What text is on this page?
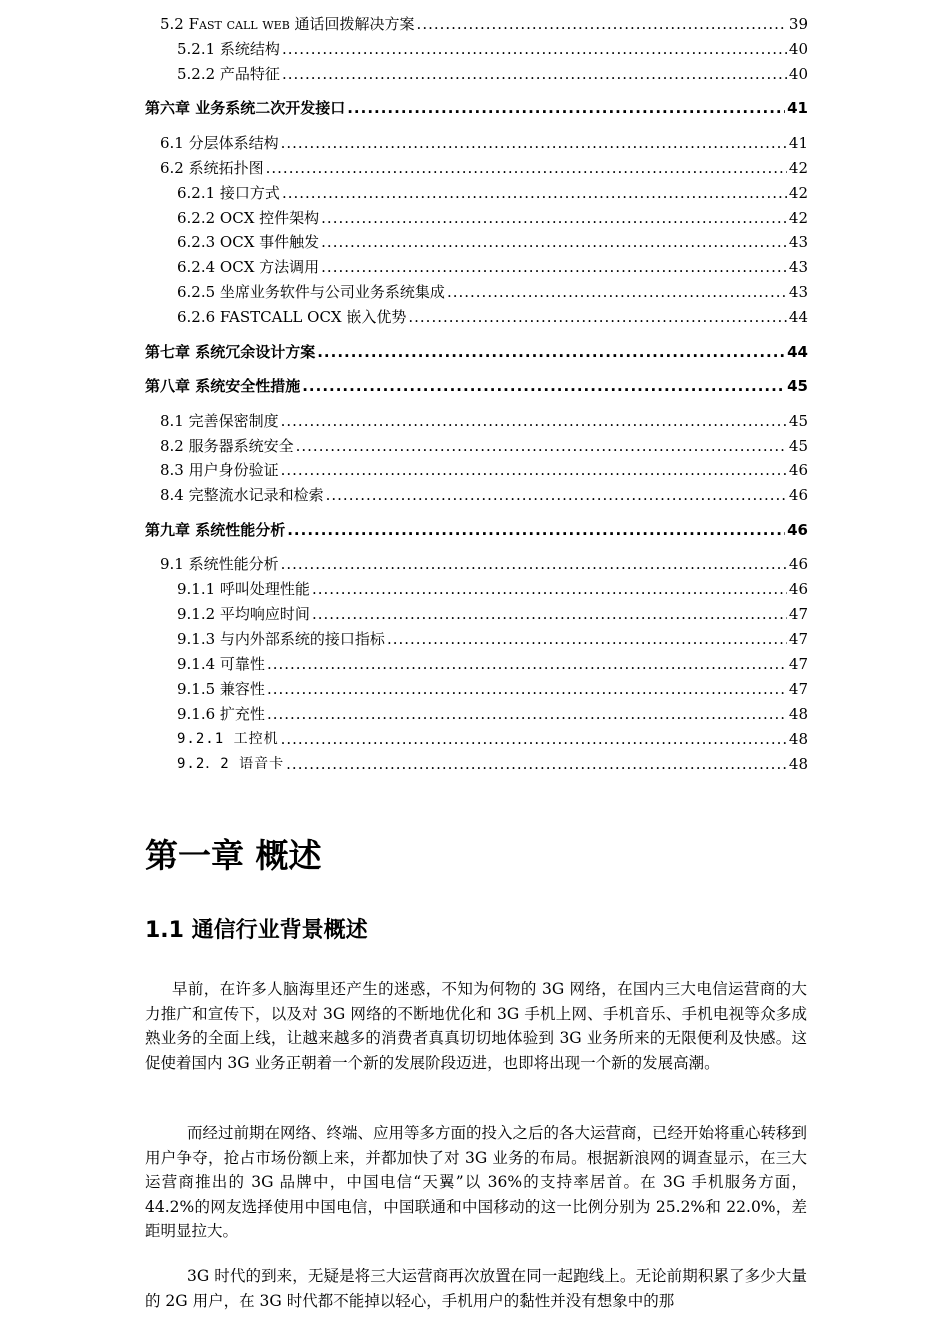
5.2 Fast call web 通话回拨解决方案 .....	39
5.2.1 系统结构 .....	40
5.2.2 产品特征 .....	40
第六章 业务系统二次开发接口 .....	41
6.1 分层体系结构 .....	41
6.2 系统拓扑图 .....	42
6.2.1 接口方式 .....	42
6.2.2 OCX 控件架构 .....	42
6.2.3 OCX 事件触发 .....	43
6.2.4 OCX 方法调用 .....	43
6.2.5 坐席业务软件与公司业务系统集成 .....	43
6.2.6 FASTCALL OCX 嵌入优势 .....	44
第七章 系统冗余设计方案 .....	44
第八章 系统安全性措施 .....	45
8.1 完善保密制度 .....	45
8.2 服务器系统安全 .....	45
8.3 用户身份验证 .....	46
8.4 完整流水记录和检索 .....	46
第九章 系统性能分析 .....	46
9.1 系统性能分析 .....	46
9.1.1 呼叫处理性能 .....	46
9.1.2 平均响应时间 .....	47
9.1.3 与内外部系统的接口指标 .....	47
9.1.4 可靠性 .....	47
9.1.5 兼容性 .....	47
9.1.6 扩充性 .....	48
9.2.1 工控机 .....	48
9.2．2 语音卡 .....	48
第一章 概述
1.1 通信行业背景概述

早前，在许多人脑海里还产生的迷惑，不知为何物的 3G 网络，在国内三大电信运营商的大力推广和宣传下，以及对 3G 网络的不断地优化和 3G 手机上网、手机音乐、手机电视等众多成熟业务的全面上线，让越来越多的消费者真真切切地体验到 3G 业务所来的无限便利及快感。这促使着国内 3G 业务正朝着一个新的发展阶段迈进，也即将出现一个新的发展高潮。

而经过前期在网络、终端、应用等多方面的投入之后的各大运营商，已经开始将重心转移到用户争夺，抢占市场份额上来，并都加快了对 3G 业务的布局。根据新浪网的调查显示，在三大运营商推出的 3G 品牌中，中国电信“天翼”以 36%的支持率居首。在 3G 手机服务方面，44.2%的网友选择使用中国电信，中国联通和中国移动的这一比例分别为 25.2%和 22.0%，差距明显拉大。

3G 时代的到来，无疑是将三大运营商再次放置在同一起跑线上。无论前期积累了多少大量的 2G 用户，在 3G 时代都不能掉以轻心，手机用户的黏性并没有想象中的那
